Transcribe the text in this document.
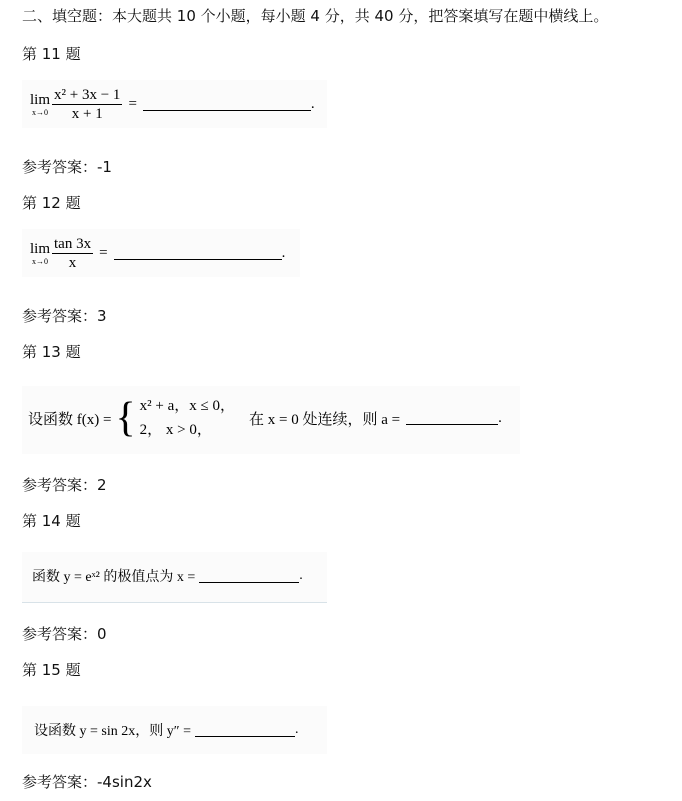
二、填空题：本大题共 10 个小题，每小题 4 分，共 40 分，把答案填写在题中横线上。
第 11 题
lim
$x\to 0 \frac{\text{x² + 3x − 1}}{x + 1}$ =	.
参考答案：-1
第 12 题
lim
$x\to 0 \frac{\tan 3x}{x}$ =	.
参考答案：3
第 13 题
设函数 f(x) = { x² + a，x ≤ 0，
2， x > 0，
在 x = 0 处连续，则 a =	.
参考答案：2
第 14 题
函数 y = eˣ² 的极值点为 x =	.
参考答案：0
第 15 题
设函数 y = sin 2x，则 y″ =	.
参考答案：-4sin2x
